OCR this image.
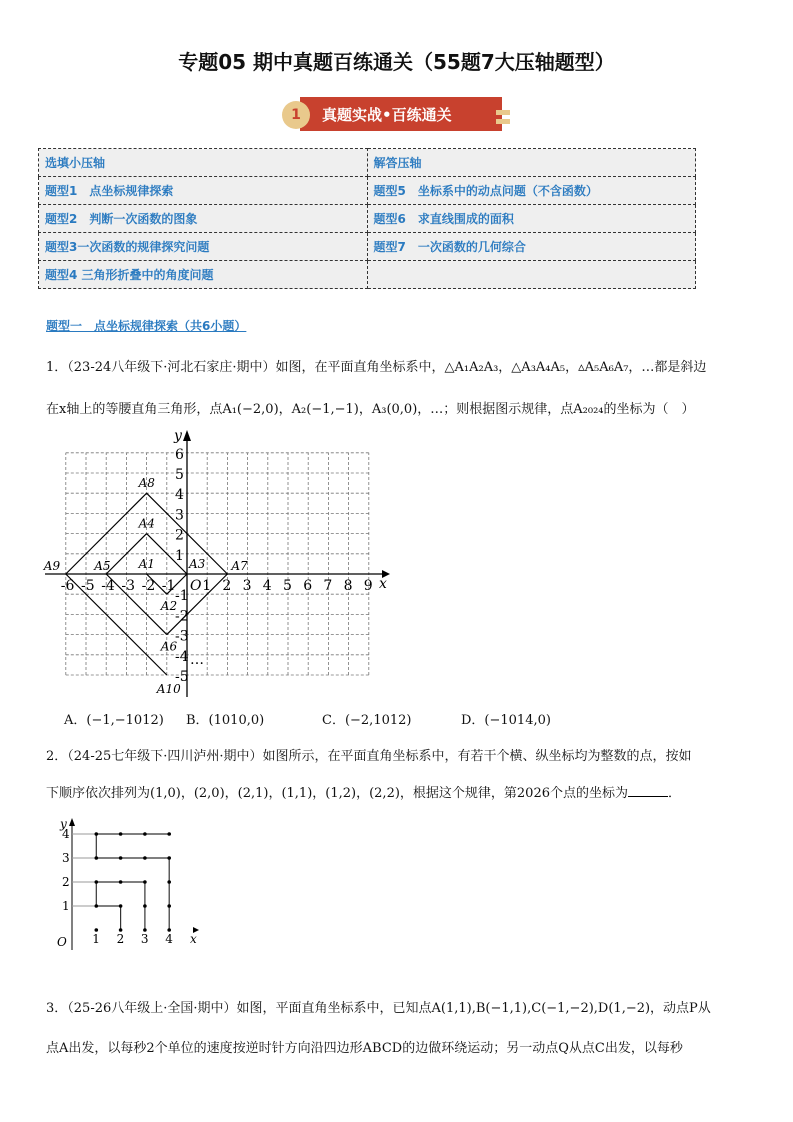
专题05 期中真题百练通关（55题7大压轴题型）
1	真题实战•百练通关
选填小压轴	解答压轴
题型1　点坐标规律探索	题型5　坐标系中的动点问题（不含函数）
题型2　判断一次函数的图象	题型6　求直线围成的面积
题型3一次函数的规律探究问题	题型7　一次函数的几何综合
题型4 三角形折叠中的角度问题	
题型一　点坐标规律探索（共6小题）
1．（23-24八年级下·河北石家庄·期中）如图，在平面直角坐标系中，△A₁A₂A₃，△A₃A₄A₅，▵A₅A₆A₇，…都是斜边
在x轴上的等腰直角三角形，点A₁(−2,0)，A₂(−1,−1)，A₃(0,0)，…；则根据图示规律，点A₂₀₂₄的坐标为（　）
-6 -5 -4 -3 -2 -1 1 2 3 4 5 6 7 8 9
-5
-4
-3
-2
-1
1
2
3
4
5
6
y
x
O
…
A1
A2
A3
A4
A5
A6
A7
A8
A9
A10
A．(−1,−1012) B．(1010,0)	C．(−2,1012)	D．(−1014,0)
2．（24-25七年级下·四川泸州·期中）如图所示，在平面直角坐标系中，有若干个横、纵坐标均为整数的点，按如
下顺序依次排列为(1,0)，(2,0)，(2,1)，(1,1)，(1,2)，(2,2)，根据这个规律，第2026个点的坐标为	．
1 2 3 4
1
2
3
4
y
x
O
3．（25-26八年级上·全国·期中）如图，平面直角坐标系中，已知点A(1,1),B(−1,1),C(−1,−2),D(1,−2)，动点P从
点A出发，以每秒2个单位的速度按逆时针方向沿四边形ABCD的边做环绕运动；另一动点Q从点C出发，以每秒
